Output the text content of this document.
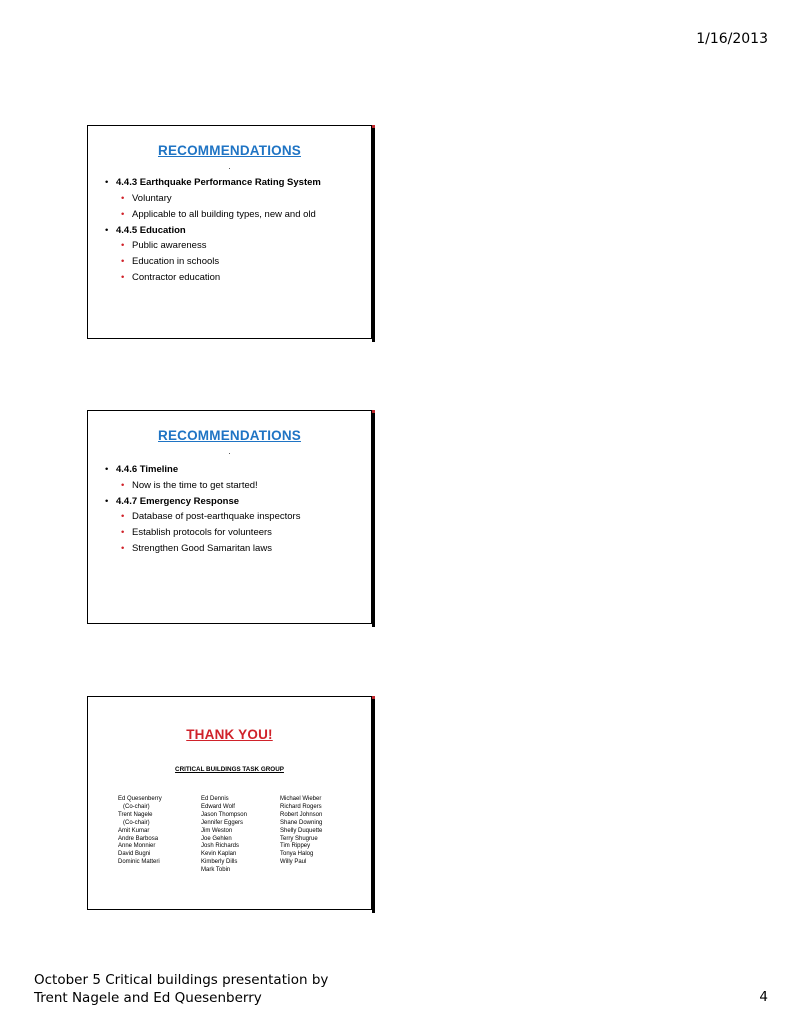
1/16/2013
RECOMMENDATIONS
.
• 4.4.3 Earthquake Performance Rating System
• Voluntary
• Applicable to all building types, new and old
• 4.4.5 Education
• Public awareness
• Education in schools
• Contractor education
RECOMMENDATIONS
.
• 4.4.6 Timeline
• Now is the time to get started!
• 4.4.7 Emergency Response
• Database of post-earthquake inspectors
• Establish protocols for volunteers
• Strengthen Good Samaritan laws
THANK YOU!
CRITICAL BUILDINGS TASK GROUP
Ed Quesenberry
(Co-chair)
Trent Nagele
(Co-chair)
Amit Kumar
Andre Barbosa
Anne Monnier
David Bugni
Dominic Matteri
Ed Dennis
Edward Wolf
Jason Thompson
Jennifer Eggers
Jim Weston
Joe Gehlen
Josh Richards
Kevin Kaplan
Kimberly Dills
Mark Tobin
Michael Wieber
Richard Rogers
Robert Johnson
Shane Downing
Shelly Duquette
Terry Shugrue
Tim Rippey
Tonya Halog
Willy Paul
October 5 Critical buildings presentation by
Trent Nagele and Ed Quesenberry	4
